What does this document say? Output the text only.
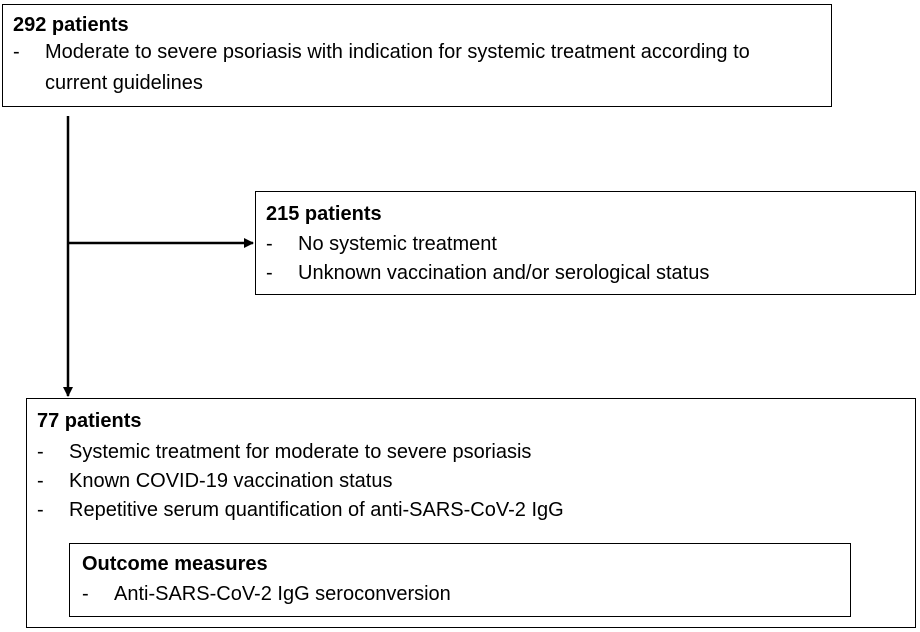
292 patients
- Moderate to severe psoriasis with indication for systemic treatment according to current guidelines
215 patients
- No systemic treatment
- Unknown vaccination and/or serological status
77 patients
- Systemic treatment for moderate to severe psoriasis
- Known COVID-19 vaccination status
- Repetitive serum quantification of anti-SARS-CoV-2 IgG
Outcome measures
- Anti-SARS-CoV-2 IgG seroconversion
